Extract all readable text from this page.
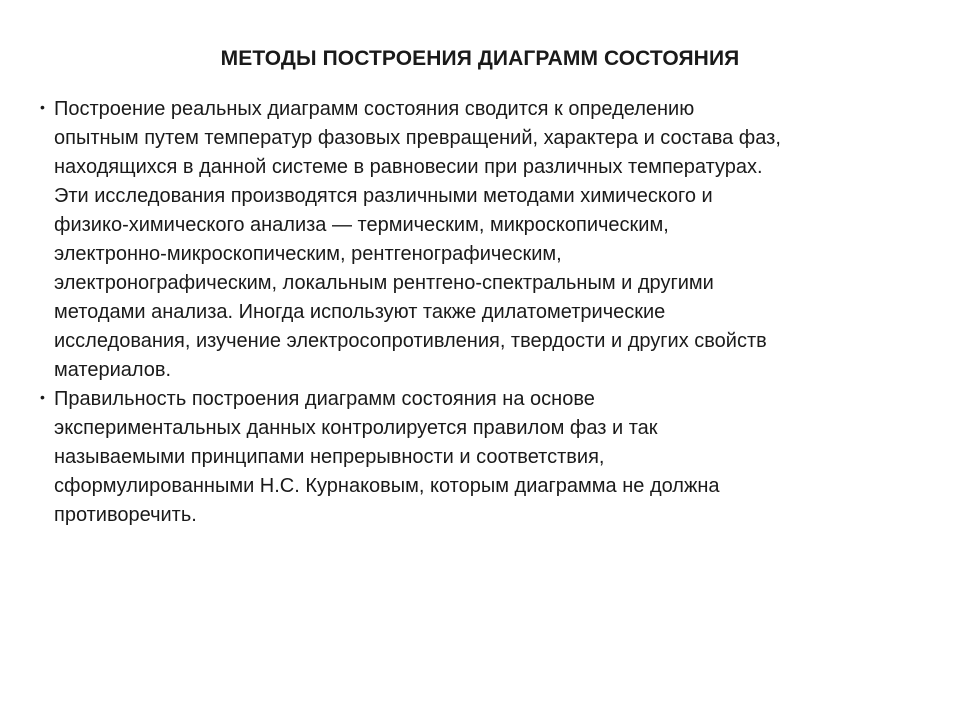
МЕТОДЫ ПОСТРОЕНИЯ ДИАГРАММ СОСТОЯНИЯ
• Построение реальных диаграмм состояния сводится к определению
опытным путем температур фазовых превращений, характера и состава фаз,
находящихся в данной системе в равновесии при различных температурах.
Эти исследования производятся различными методами химического и
физико-химического анализа — термическим, микроскопическим,
электронно-микроскопическим, рентгенографическим,
электронографическим, локальным рентгено-спектральным и другими
методами анализа. Иногда используют также дилатометрические
исследования, изучение электросопротивления, твердости и других свойств
материалов.
• Правильность построения диаграмм состояния на основе
экспериментальных данных контролируется правилом фаз и так
называемыми принципами непрерывности и соответствия,
сформулированными Н.С. Курнаковым, которым диаграмма не должна
противоречить.
